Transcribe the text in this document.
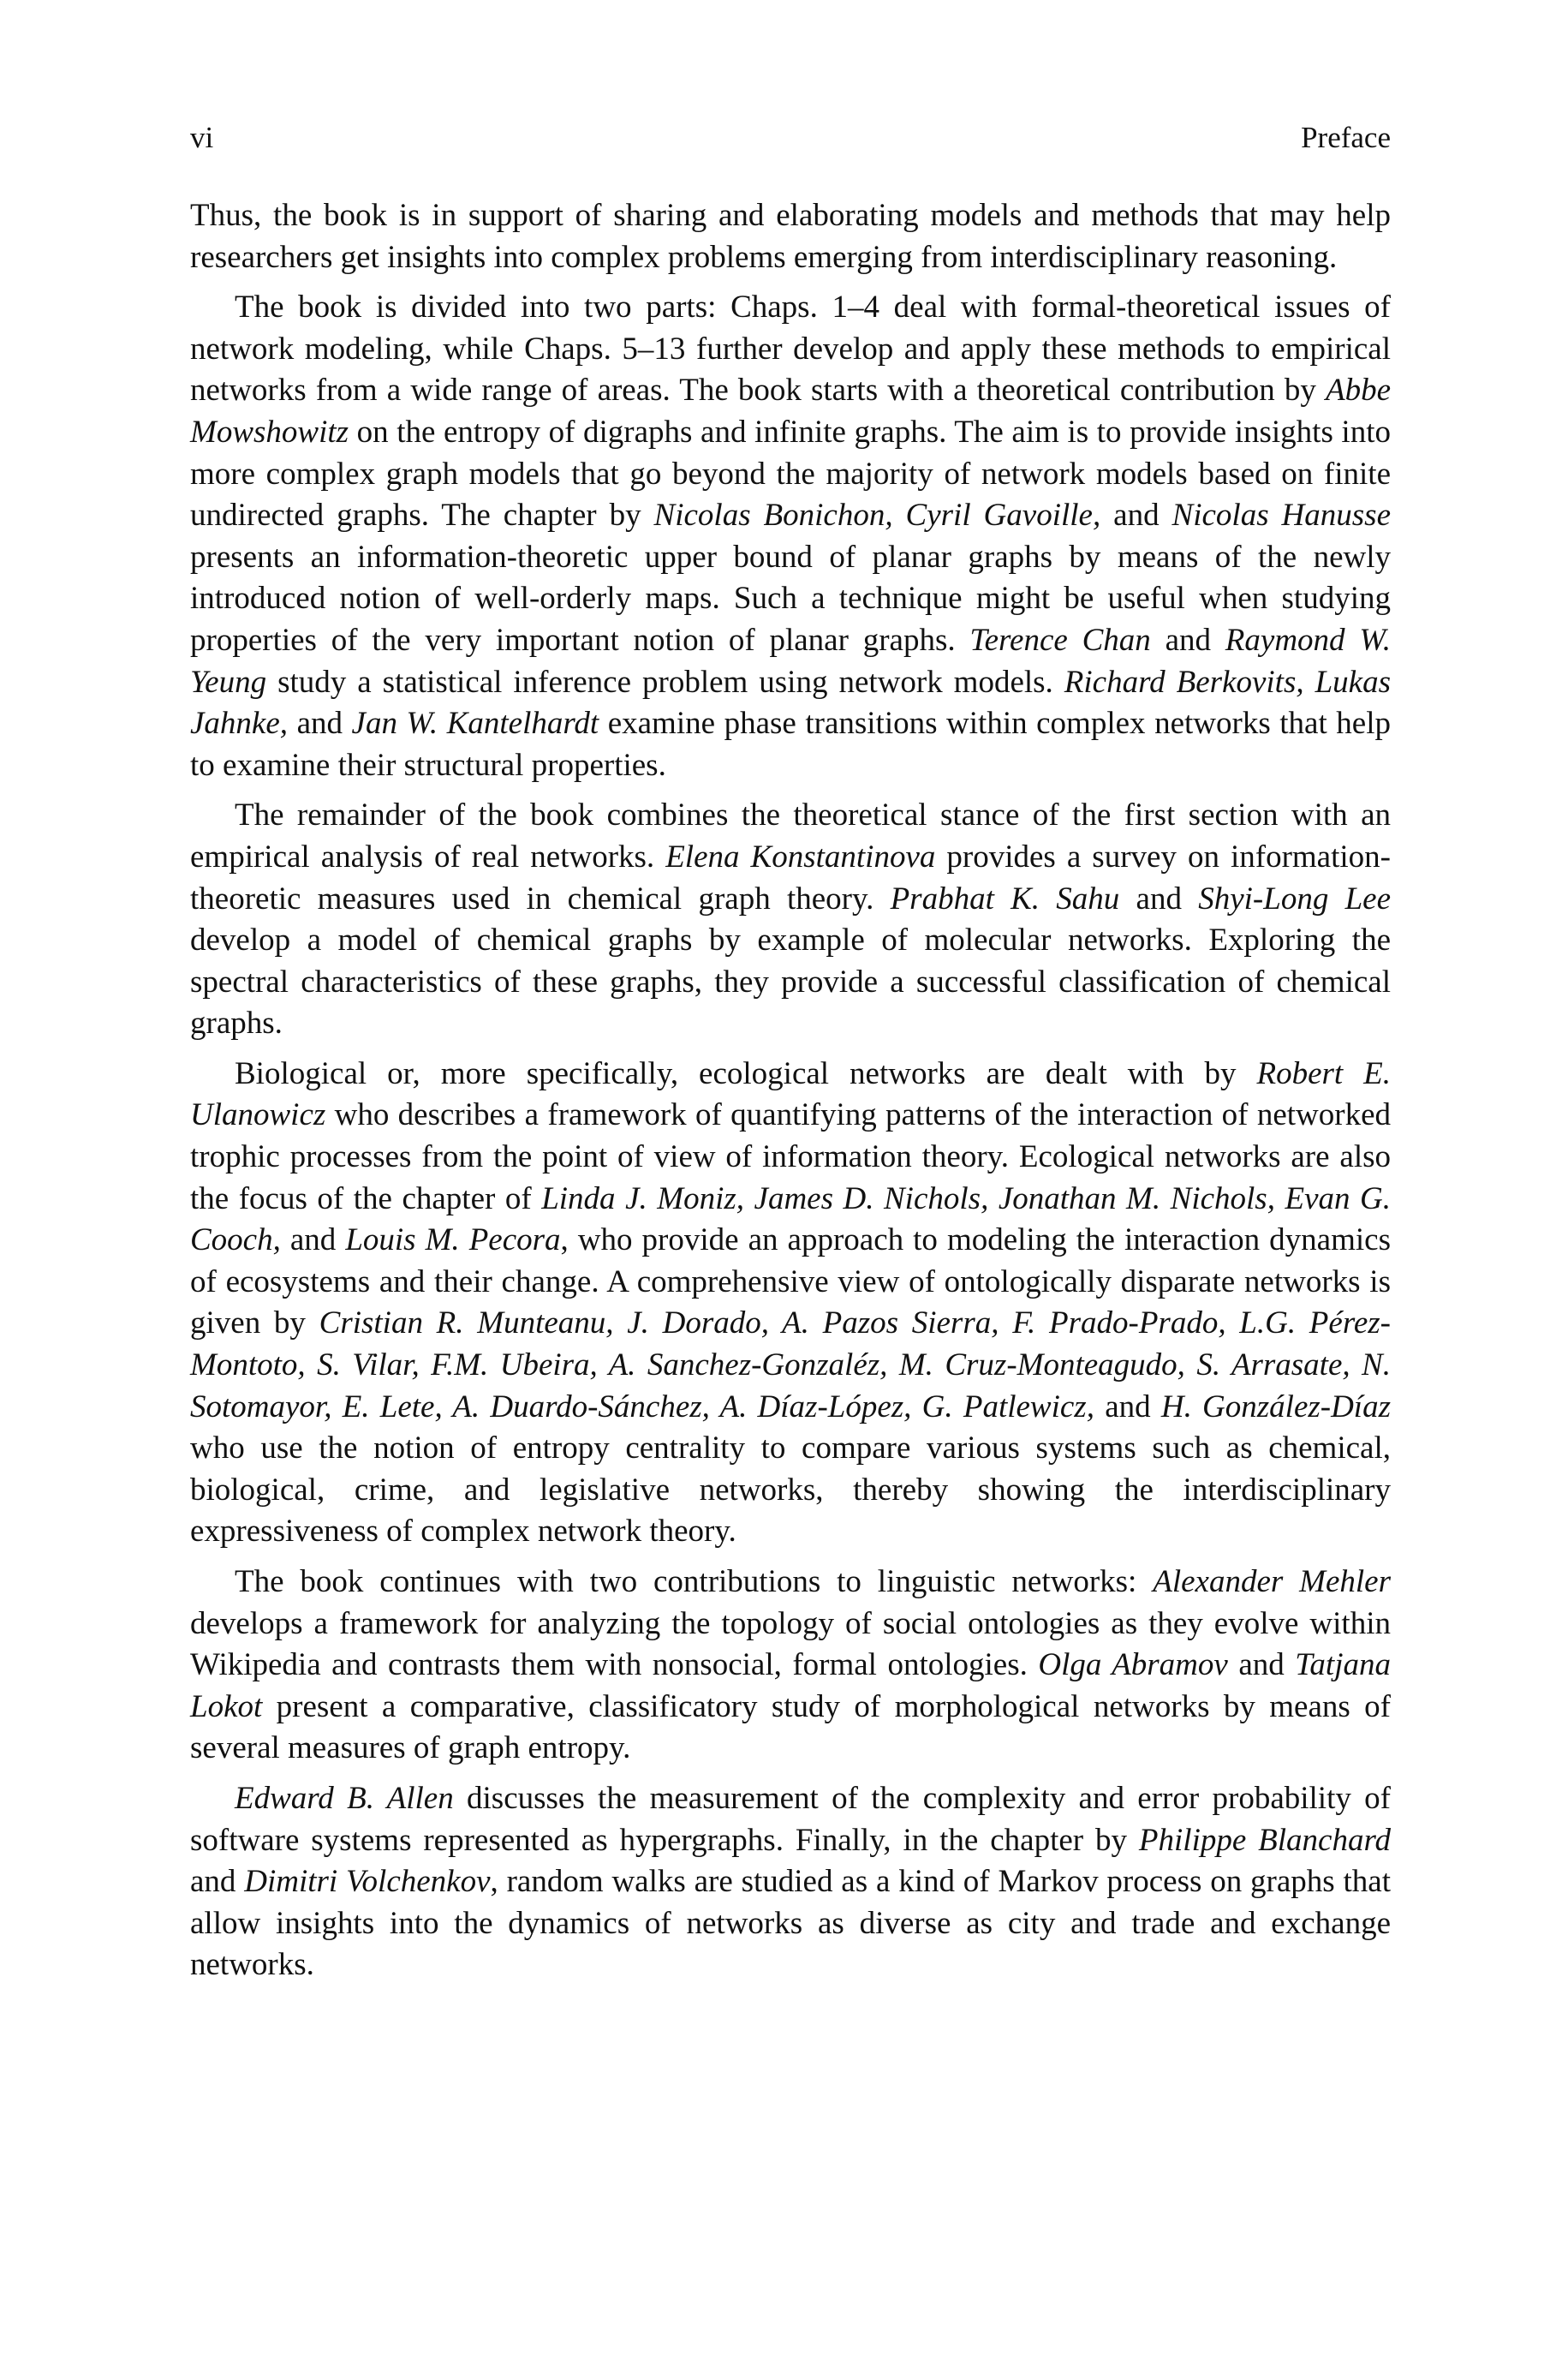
vi	Preface

Thus, the book is in support of sharing and elaborating models and methods that may help researchers get insights into complex problems emerging from interdisciplinary reasoning.

The book is divided into two parts: Chaps. 1–4 deal with formal-theoretical issues of network modeling, while Chaps. 5–13 further develop and apply these methods to empirical networks from a wide range of areas. The book starts with a theoretical contribution by Abbe Mowshowitz on the entropy of digraphs and infinite graphs. The aim is to provide insights into more complex graph models that go beyond the majority of network models based on finite undirected graphs. The chapter by Nicolas Bonichon, Cyril Gavoille, and Nicolas Hanusse presents an information-theoretic upper bound of planar graphs by means of the newly introduced notion of well-orderly maps. Such a technique might be useful when studying properties of the very important notion of planar graphs. Terence Chan and Raymond W. Yeung study a statistical inference problem using network models. Richard Berkovits, Lukas Jahnke, and Jan W. Kantelhardt examine phase transitions within complex networks that help to examine their structural properties.

The remainder of the book combines the theoretical stance of the first section with an empirical analysis of real networks. Elena Konstantinova provides a survey on information-theoretic measures used in chemical graph theory. Prabhat K. Sahu and Shyi-Long Lee develop a model of chemical graphs by example of molecular networks. Exploring the spectral characteristics of these graphs, they provide a successful classification of chemical graphs.

Biological or, more specifically, ecological networks are dealt with by Robert E. Ulanowicz who describes a framework of quantifying patterns of the interaction of networked trophic processes from the point of view of information theory. Ecological networks are also the focus of the chapter of Linda J. Moniz, James D. Nichols, Jonathan M. Nichols, Evan G. Cooch, and Louis M. Pecora, who provide an approach to modeling the interaction dynamics of ecosystems and their change. A comprehensive view of ontologically disparate networks is given by Cristian R. Munteanu, J. Dorado, A. Pazos Sierra, F. Prado-Prado, L.G. Pérez-Montoto, S. Vilar, F.M. Ubeira, A. Sanchez-Gonzaléz, M. Cruz-Monteagudo, S. Arrasate, N. Sotomayor, E. Lete, A. Duardo-Sánchez, A. Díaz-López, G. Patlewicz, and H. González-Díaz who use the notion of entropy centrality to compare various systems such as chemical, biological, crime, and legislative networks, thereby showing the interdisciplinary expressiveness of complex network theory.

The book continues with two contributions to linguistic networks: Alexander Mehler develops a framework for analyzing the topology of social ontologies as they evolve within Wikipedia and contrasts them with nonsocial, formal ontologies. Olga Abramov and Tatjana Lokot present a comparative, classificatory study of morphological networks by means of several measures of graph entropy.

Edward B. Allen discusses the measurement of the complexity and error probability of software systems represented as hypergraphs. Finally, in the chapter by Philippe Blanchard and Dimitri Volchenkov, random walks are studied as a kind of Markov process on graphs that allow insights into the dynamics of networks as diverse as city and trade and exchange networks.
